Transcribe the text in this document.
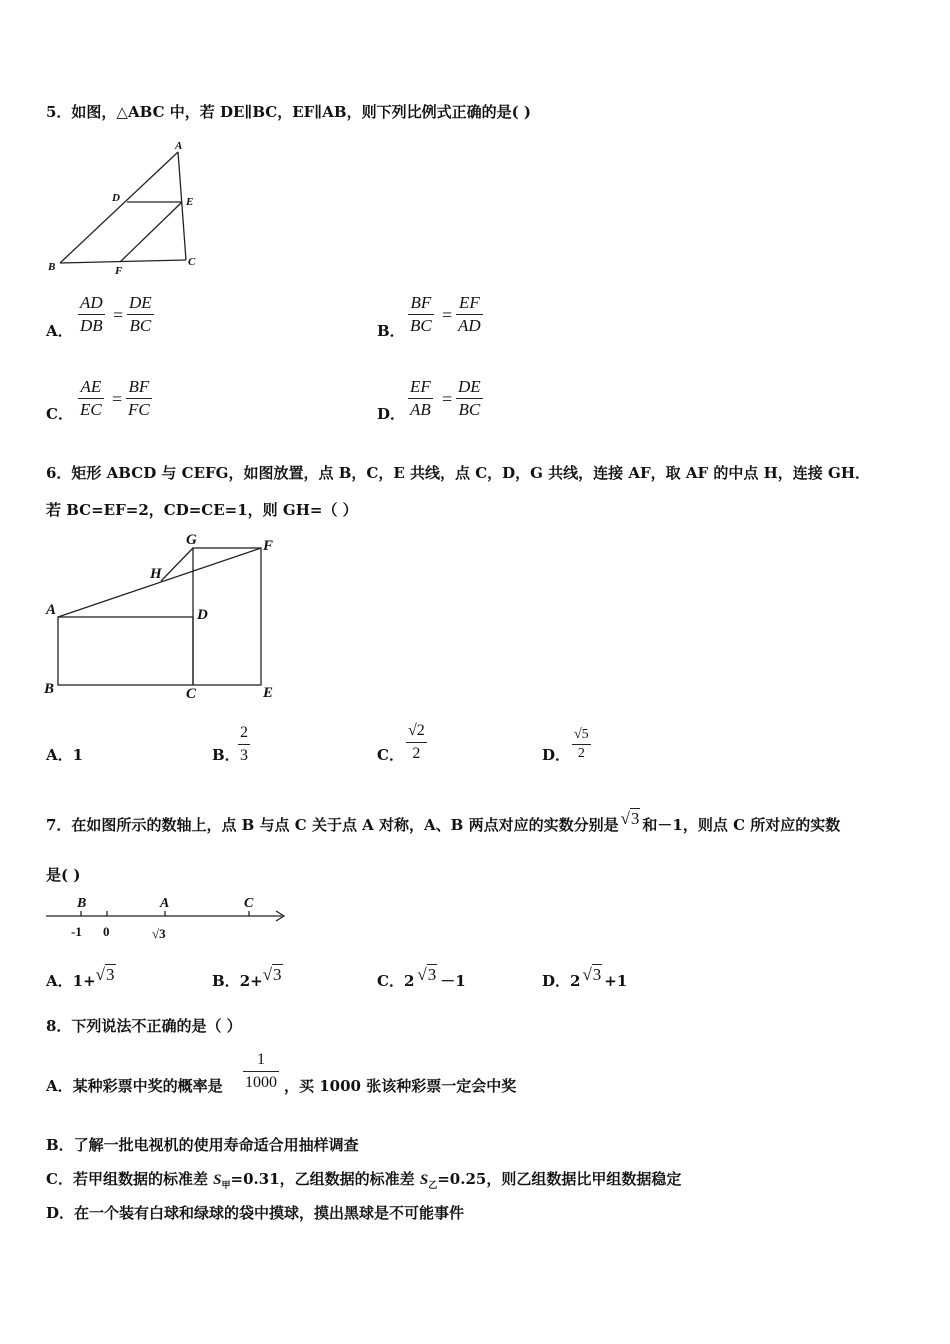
5．如图，△ABC 中，若 DE∥BC，EF∥AB，则下列比例式正确的是( )
A
D	E
B	F
C
A． $\frac{AD}{DB} = \frac{DE}{BC}$	B． $\frac{BF}{BC} = \frac{EF}{AD}$
C． $\frac{AE}{EC} = \frac{BF}{FC}$	D． $\frac{EF}{AB} = \frac{DE}{BC}$
6．矩形 ABCD 与 CEFG，如图放置，点 B，C，E 共线，点 C，D，G 共线，连接 AF，取 AF 的中点 H，连接 GH．
若 BC=EF=2，CD=CE=1，则 GH=（ ）
G	F
H
A	D
B	C	E
A．1	B．
$\frac{2}{3}$	C． $\frac{√2}{2}$	D． $\frac{√5}{2}$
7．在如图所示的数轴上，点 B 与点 C 关于点 A 对称，A、B 两点对应的实数分别是 √3 和－1，则点 C 所对应的实数
是( )
B	A	C
-1 0	√3
A．1+√3	B．2+√3	C．2 √3 －1	D．2 √3 +1
8．下列说法不正确的是（ ）
A．某种彩票中奖的概率是 $\frac{1}{1000}$ ，买 1000 张该种彩票一定会中奖
B．了解一批电视机的使用寿命适合用抽样调查
C．若甲组数据的标准差 $S_甲=0.31$，乙组数据的标准差 $S_乙=0.25$，则乙组数据比甲组数据稳定
D．在一个装有白球和绿球的袋中摸球，摸出黑球是不可能事件
